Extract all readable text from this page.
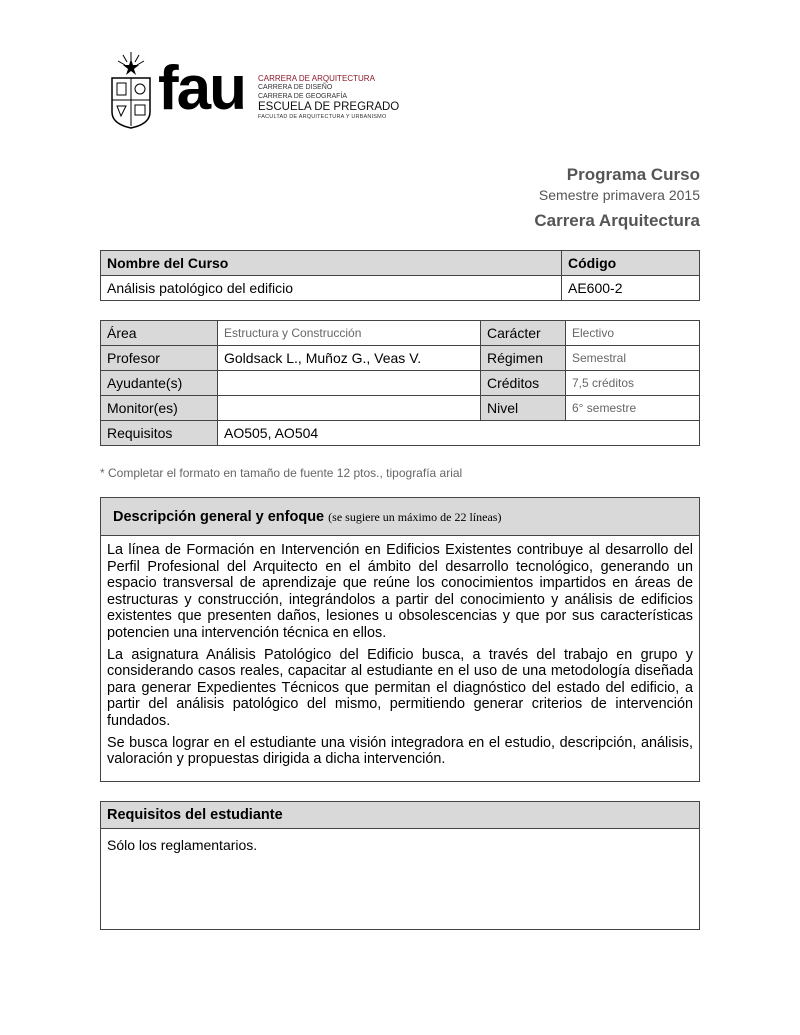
fau CARRERA DE ARQUITECTURA
CARRERA DE DISEÑO
CARRERA DE GEOGRAFÍA
ESCUELA DE PREGRADO
FACULTAD DE ARQUITECTURA Y URBANISMO
Programa Curso
Semestre primavera 2015
Carrera Arquitectura
Nombre del Curso	Código
Análisis patológico del edificio	AE600-2
Área	Estructura y Construcción	Carácter	Electivo
Profesor	Goldsack L., Muñoz G., Veas V.	Régimen	Semestral
Ayudante(s)		Créditos	7,5 créditos
Monitor(es)		Nivel	6° semestre
Requisitos	AO505, AO504		
* Completar el formato en tamaño de fuente 12 ptos., tipografía arial
Descripción general y enfoque (se sugiere un máximo de 22 líneas)

La línea de Formación en Intervención en Edificios Existentes contribuye al desarrollo del Perfil Profesional del Arquitecto en el ámbito del desarrollo tecnológico, generando un espacio transversal de aprendizaje que reúne los conocimientos impartidos en áreas de estructuras y construcción, integrándolos a partir del conocimiento y análisis de edificios existentes que presenten daños, lesiones u obsolescencias y que por sus características potencien una intervención técnica en ellos.

La asignatura Análisis Patológico del Edificio busca, a través del trabajo en grupo y considerando casos reales, capacitar al estudiante en el uso de una metodología diseñada para generar Expedientes Técnicos que permitan el diagnóstico del estado del edificio, a partir del análisis patológico del mismo, permitiendo generar criterios de intervención fundados.

Se busca lograr en el estudiante una visión integradora en el estudio, descripción, análisis, valoración y propuestas dirigida a dicha intervención.

Requisitos del estudiante
Sólo los reglamentarios.
